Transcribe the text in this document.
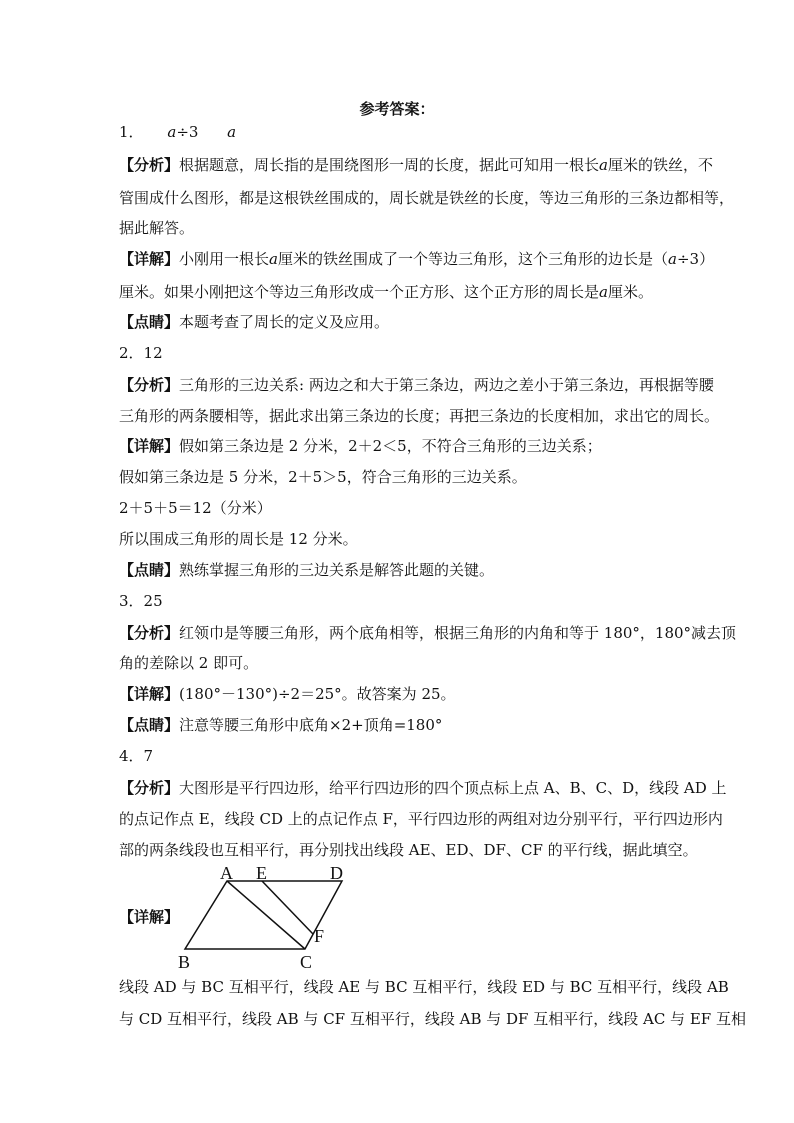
参考答案：
1． a÷3 a
【分析】根据题意，周长指的是围绕图形一周的长度，据此可知用一根长a厘米的铁丝，不
管围成什么图形，都是这根铁丝围成的，周长就是铁丝的长度，等边三角形的三条边都相等，
据此解答。
【详解】小刚用一根长a厘米的铁丝围成了一个等边三角形，这个三角形的边长是（a÷3）
厘米。如果小刚把这个等边三角形改成一个正方形、这个正方形的周长是a厘米。
【点睛】本题考查了周长的定义及应用。
2．12
【分析】三角形的三边关系: 两边之和大于第三条边，两边之差小于第三条边，再根据等腰
三角形的两条腰相等，据此求出第三条边的长度；再把三条边的长度相加，求出它的周长。
【详解】假如第三条边是 2 分米，2＋2＜5，不符合三角形的三边关系；
假如第三条边是 5 分米，2＋5＞5，符合三角形的三边关系。
2＋5＋5＝12（分米）
所以围成三角形的周长是 12 分米。
【点睛】熟练掌握三角形的三边关系是解答此题的关键。
3．25
【分析】红领巾是等腰三角形，两个底角相等，根据三角形的内角和等于 180°，180°减去顶
角的差除以 2 即可。
【详解】(180°－130°)÷2＝25°。故答案为 25。
【点睛】注意等腰三角形中底角×2+顶角=180°
4．7
【分析】大图形是平行四边形，给平行四边形的四个顶点标上点 A、B、C、D，线段 AD 上
的点记作点 E，线段 CD 上的点记作点 F，平行四边形的两组对边分别平行，平行四边形内
部的两条线段也互相平行，再分别找出线段 AE、ED、DF、CF 的平行线，据此填空。
【详解】
A E	D
B	C
F
线段 AD 与 BC 互相平行，线段 AE 与 BC 互相平行，线段 ED 与 BC 互相平行，线段 AB
与 CD 互相平行，线段 AB 与 CF 互相平行，线段 AB 与 DF 互相平行，线段 AC 与 EF 互相
